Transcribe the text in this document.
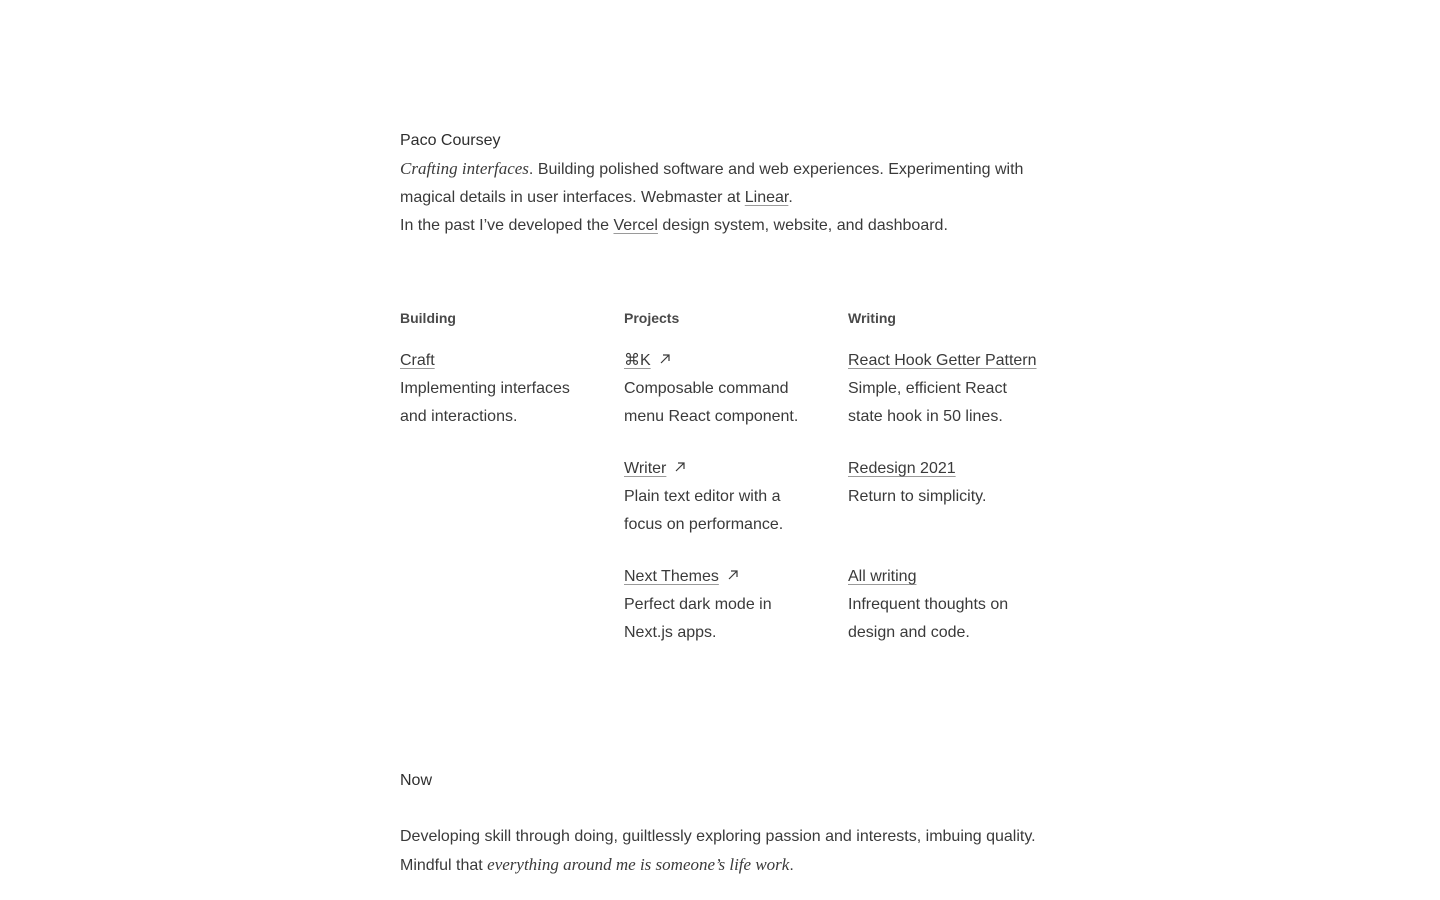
Paco Coursey

Crafting interfaces. Building polished software and web experiences. Experimenting with magical details in user interfaces. Webmaster at Linear.

In the past I’ve developed the Vercel design system, website, and dashboard.

Building
Craft

Implementing interfaces and interactions.

Projects
⌘K

Composable command menu React component.

Writer

Plain text editor with a focus on performance.

Next Themes

Perfect dark mode in Next.js apps.

Writing
React Hook Getter Pattern

Simple, efficient React state hook in 50 lines.

Redesign 2021

Return to simplicity.

All writing

Infrequent thoughts on design and code.

Now

Developing skill through doing, guiltlessly exploring passion and interests, imbuing quality. Mindful that everything around me is someone’s life work.
